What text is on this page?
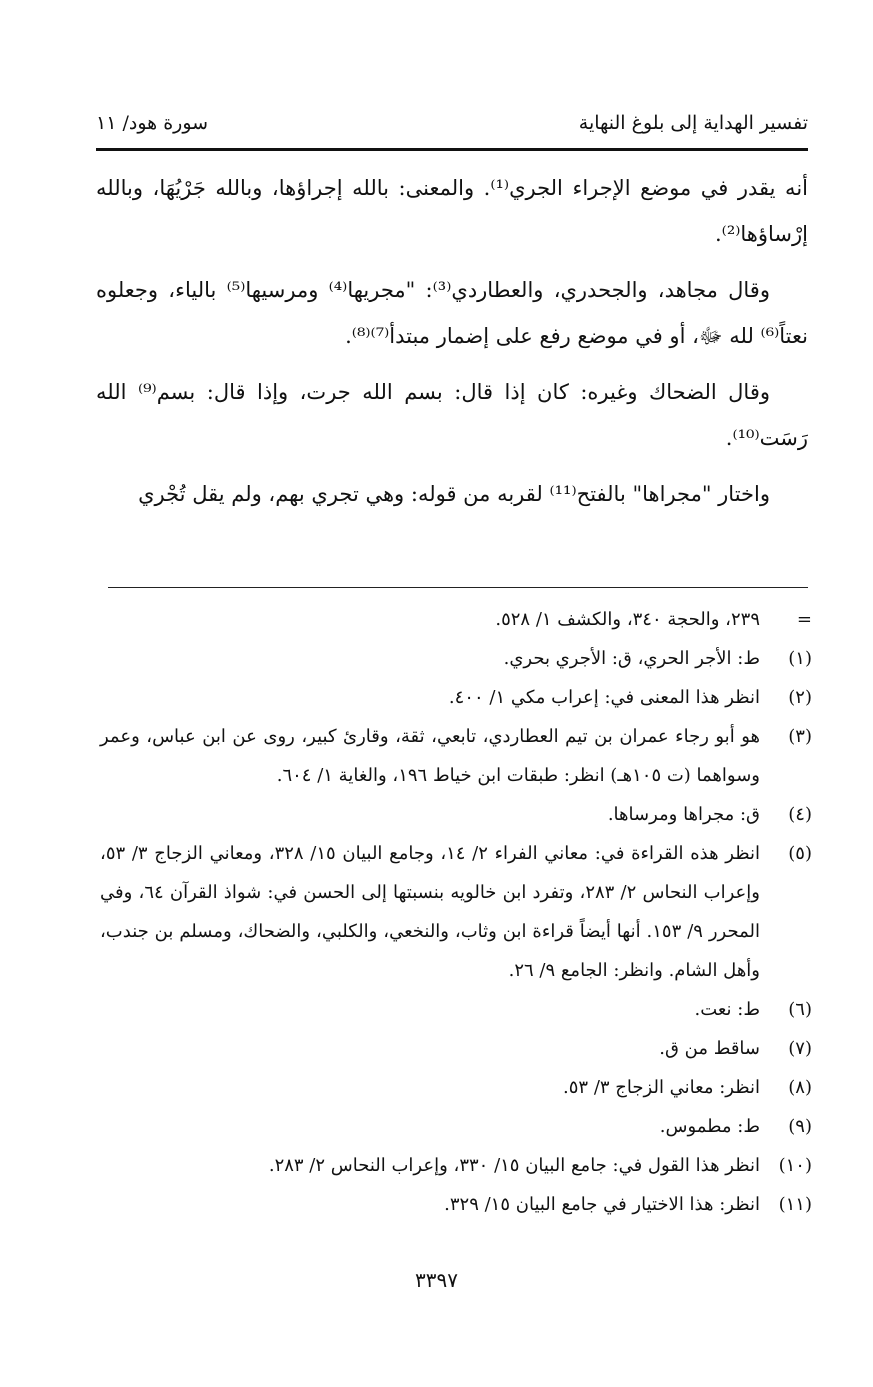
تفسير الهداية إلى بلوغ النهاية
سورة هود/ ١١

أنه يقدر في موضع الإجراء الجري⁽¹⁾. والمعنى: بالله إجراؤها، وبالله جَرْيُهَا، وبالله إرْساؤها⁽²⁾.

وقال مجاهد، والجحدري، والعطاردي⁽³⁾: "مجريها⁽⁴⁾ ومرسيها⁽⁵⁾ بالياء، وجعلوه نعتاً⁽⁶⁾ لله ﷻ، أو في موضع رفع على إضمار مبتدأ⁽⁷⁾⁽⁸⁾.

وقال الضحاك وغيره: كان إذا قال: بسم الله جرت، وإذا قال: بسم⁽⁹⁾ الله رَسَت⁽¹⁰⁾.

واختار "مجراها" بالفتح⁽¹¹⁾ لقربه من قوله: وهي تجري بهم، ولم يقل تُجْري

=
٢٣٩، والحجة ٣٤٠، والكشف ١/ ٥٢٨.
(١)
ط: الأجر الحري، ق: الأجري بحري.
(٢)
انظر هذا المعنى في: إعراب مكي ١/ ٤٠٠.
(٣)
هو أبو رجاء عمران بن تيم العطاردي، تابعي، ثقة، وقارئ كبير، روى عن ابن عباس، وعمر وسواهما (ت ١٠٥هـ) انظر: طبقات ابن خياط ١٩٦، والغاية ١/ ٦٠٤.
(٤)
ق: مجراها ومرساها.
(٥)
انظر هذه القراءة في: معاني الفراء ٢/ ١٤، وجامع البيان ١٥/ ٣٢٨، ومعاني الزجاج ٣/ ٥٣، وإعراب النحاس ٢/ ٢٨٣، وتفرد ابن خالويه بنسبتها إلى الحسن في: شواذ القرآن ٦٤، وفي المحرر ٩/ ١٥٣. أنها أيضاً قراءة ابن وثاب، والنخعي، والكلبي، والضحاك، ومسلم بن جندب، وأهل الشام. وانظر: الجامع ٩/ ٢٦.
(٦)
ط: نعت.
(٧)
ساقط من ق.
(٨)
انظر: معاني الزجاج ٣/ ٥٣.
(٩)
ط: مطموس.
(١٠)
انظر هذا القول في: جامع البيان ١٥/ ٣٣٠، وإعراب النحاس ٢/ ٢٨٣.
(١١)
انظر: هذا الاختيار في جامع البيان ١٥/ ٣٢٩.
٣٣٩٧
